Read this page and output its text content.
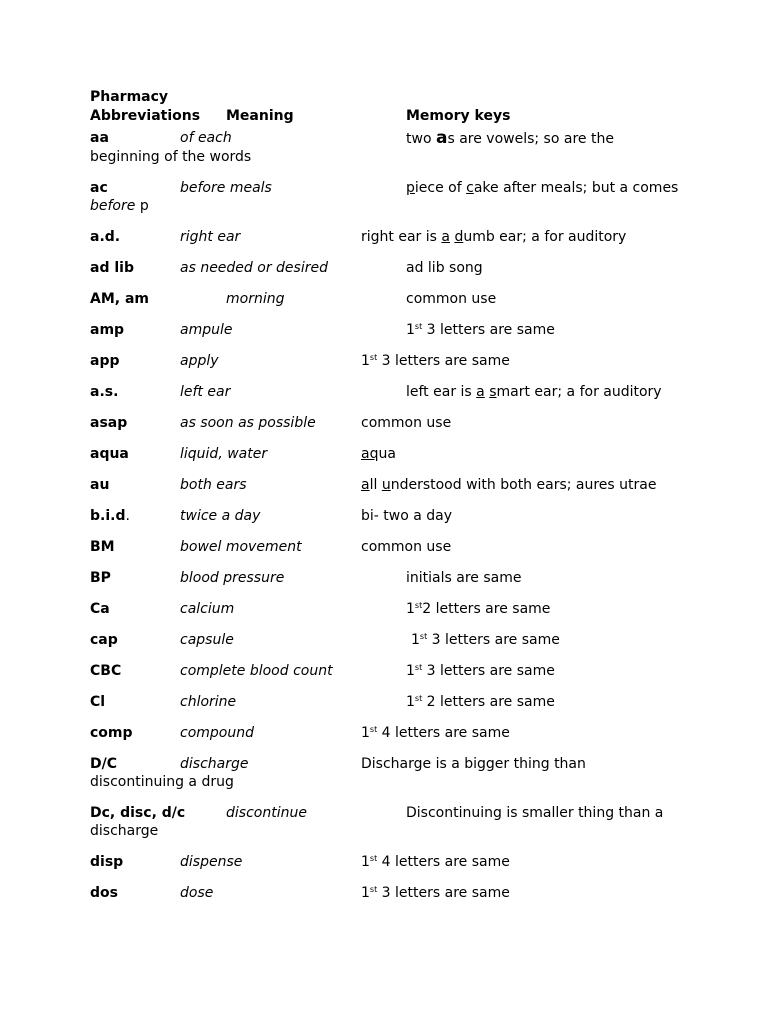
Pharmacy
Abbreviations Meaning	Memory keys
aa	of each	two as are vowels; so are the
beginning of the words
ac	before meals	piece of cake after meals; but a comes
before p
a.d.	right ear	right ear is a dumb ear; a for auditory
ad lib	as needed or desired	ad lib song
AM, am	morning	common use
amp	ampule	1st 3 letters are same
app	apply	1st 3 letters are same
a.s.	left ear	left ear is a smart ear; a for auditory
asap	as soon as possible	common use
aqua	liquid, water	aqua
au	both ears	all understood with both ears; aures utrae
b.i.d.	twice a day	bi- two a day
BM	bowel movement	common use
BP	blood pressure	initials are same
Ca	calcium	1st2 letters are same
cap	capsule	1st 3 letters are same
CBC	complete blood count	1st 3 letters are same
Cl	chlorine	1st 2 letters are same
comp	compound	1st 4 letters are same
D/C	discharge	Discharge is a bigger thing than
discontinuing a drug
Dc, disc, d/c	discontinue	Discontinuing is smaller thing than a
discharge
disp	dispense	1st 4 letters are same
dos	dose	1st 3 letters are same
